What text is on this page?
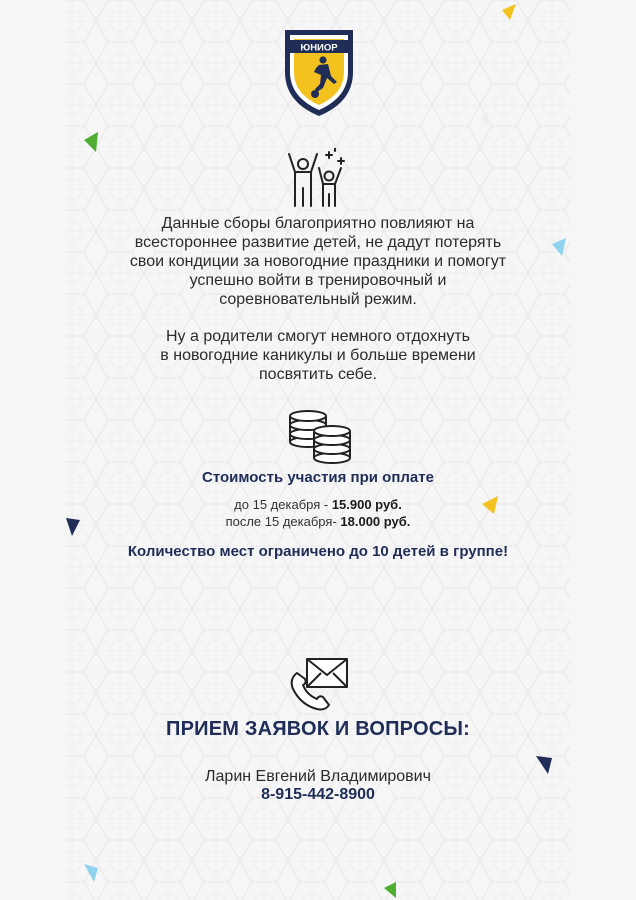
ЮНИОР
Данные сборы благоприятно повлияют на
всестороннее развитие детей, не дадут потерять
свои кондиции за новогодние праздники и помогут
успешно войти в тренировочный и
соревновательный режим.
Ну а родители смогут немного отдохнуть
в новогодние каникулы и больше времени
посвятить себе.
Стоимость участия при оплате
до 15 декабря - 15.900 руб.
после 15 декабря- 18.000 руб.
Количество мест ограничено до 10 детей в группе!
ПРИЕМ ЗАЯВОК И ВОПРОСЫ:
Ларин Евгений Владимирович
8-915-442-8900
